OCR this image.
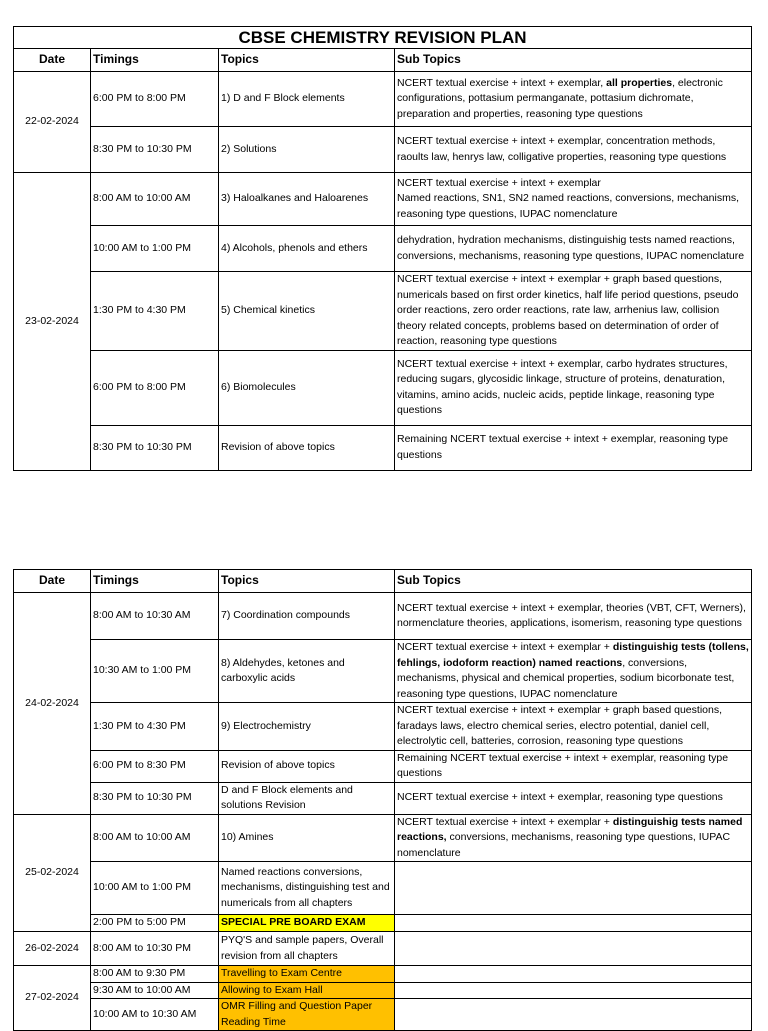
CBSE CHEMISTRY REVISION PLAN			
Date	Timings	Topics	Sub Topics
22-02-2024	6:00 PM to 8:00 PM	1) D and F Block elements	NCERT textual exercise + intext + exemplar, all properties, electronic configurations, pottasium permanganate, pottasium dichromate, preparation and properties, reasoning type questions
	8:30 PM to 10:30 PM	2) Solutions	NCERT textual exercise + intext + exemplar, concentration methods, raoults law, henrys law, colligative properties, reasoning type questions
23-02-2024	8:00 AM to 10:00 AM	3) Haloalkanes and Haloarenes	NCERT textual exercise + intext + exemplar
Named reactions, SN1, SN2 named reactions, conversions, mechanisms, reasoning type questions, IUPAC nomenclature
	10:00 AM to 1:00 PM	4) Alcohols, phenols and ethers	dehydration, hydration mechanisms, distinguishig tests named reactions, conversions, mechanisms, reasoning type questions, IUPAC nomenclature
	1:30 PM to 4:30 PM	5) Chemical kinetics	NCERT textual exercise + intext + exemplar + graph based questions, numericals based on first order kinetics, half life period questions, pseudo order reactions, zero order reactions, rate law, arrhenius law, collision theory related concepts, problems based on determination of order of reaction, reasoning type questions
	6:00 PM to 8:00 PM	6) Biomolecules	NCERT textual exercise + intext + exemplar, carbo hydrates structures, reducing sugars, glycosidic linkage, structure of proteins, denaturation, vitamins, amino acids, nucleic acids, peptide linkage, reasoning type questions
	8:30 PM to 10:30 PM	Revision of above topics	Remaining NCERT textual exercise + intext + exemplar, reasoning type questions
Date	Timings	Topics	Sub Topics
24-02-2024	8:00 AM to 10:30 AM	7) Coordination compounds	NCERT textual exercise + intext + exemplar, theories (VBT, CFT, Werners), normenclature theories, applications, isomerism, reasoning type questions
	10:30 AM to 1:00 PM	8) Aldehydes, ketones and carboxylic acids	NCERT textual exercise + intext + exemplar + distinguishig tests (tollens, fehlings, iodoform reaction) named reactions, conversions, mechanisms, physical and chemical properties, sodium bicorbonate test, reasoning type questions, IUPAC nomenclature
	1:30 PM to 4:30 PM	9) Electrochemistry	NCERT textual exercise + intext + exemplar + graph based questions, faradays laws, electro chemical series, electro potential, daniel cell, electrolytic cell, batteries, corrosion, reasoning type questions
	6:00 PM to 8:30 PM	Revision of above topics	Remaining NCERT textual exercise + intext + exemplar, reasoning type questions
	8:30 PM to 10:30 PM	D and F Block elements and solutions Revision	NCERT textual exercise + intext + exemplar, reasoning type questions
25-02-2024	8:00 AM to 10:00 AM	10) Amines	NCERT textual exercise + intext + exemplar + distinguishig tests named reactions, conversions, mechanisms, reasoning type questions, IUPAC nomenclature
	10:00 AM to 1:00 PM	Named reactions conversions, mechanisms, distinguishing test and numericals from all chapters	
	2:00 PM to 5:00 PM	SPECIAL PRE BOARD EXAM	
26-02-2024	8:00 AM to 10:30 PM	PYQ'S and sample papers, Overall revision from all chapters	
27-02-2024	8:00 AM to 9:30 PM	Travelling to Exam Centre	
	9:30 AM to 10:00 AM	Allowing to Exam Hall	
	10:00 AM to 10:30 AM	OMR Filling and Question Paper Reading Time	
